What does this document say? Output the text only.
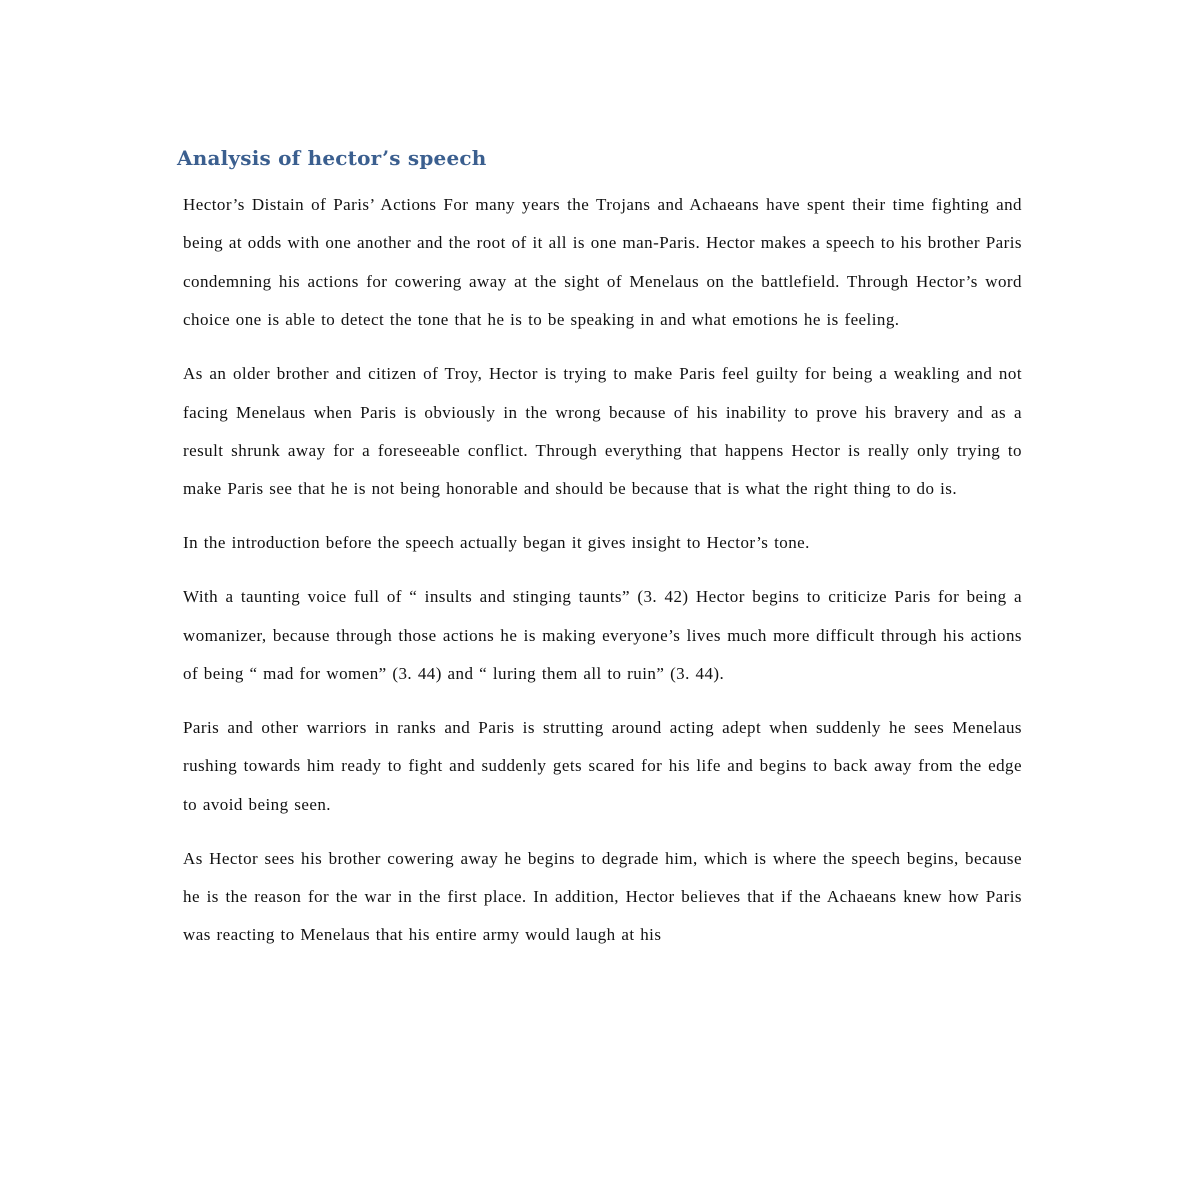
Analysis of hector’s speech

Hector’s Distain of Paris’ Actions For many years the Trojans and Achaeans have spent their time fighting and being at odds with one another and the root of it all is one man-Paris. Hector makes a speech to his brother Paris condemning his actions for cowering away at the sight of Menelaus on the battlefield. Through Hector’s word choice one is able to detect the tone that he is to be speaking in and what emotions he is feeling.

As an older brother and citizen of Troy, Hector is trying to make Paris feel guilty for being a weakling and not facing Menelaus when Paris is obviously in the wrong because of his inability to prove his bravery and as a result shrunk away for a foreseeable conflict. Through everything that happens Hector is really only trying to make Paris see that he is not being honorable and should be because that is what the right thing to do is.

In the introduction before the speech actually began it gives insight to Hector’s tone.

With a taunting voice full of “ insults and stinging taunts” (3. 42) Hector begins to criticize Paris for being a womanizer, because through those actions he is making everyone’s lives much more difficult through his actions of being “ mad for women” (3. 44) and “ luring them all to ruin” (3. 44).

Paris and other warriors in ranks and Paris is strutting around acting adept when suddenly he sees Menelaus rushing towards him ready to fight and suddenly gets scared for his life and begins to back away from the edge to avoid being seen.

As Hector sees his brother cowering away he begins to degrade him, which is where the speech begins, because he is the reason for the war in the first place. In addition, Hector believes that if the Achaeans knew how Paris was reacting to Menelaus that his entire army would laugh at his
